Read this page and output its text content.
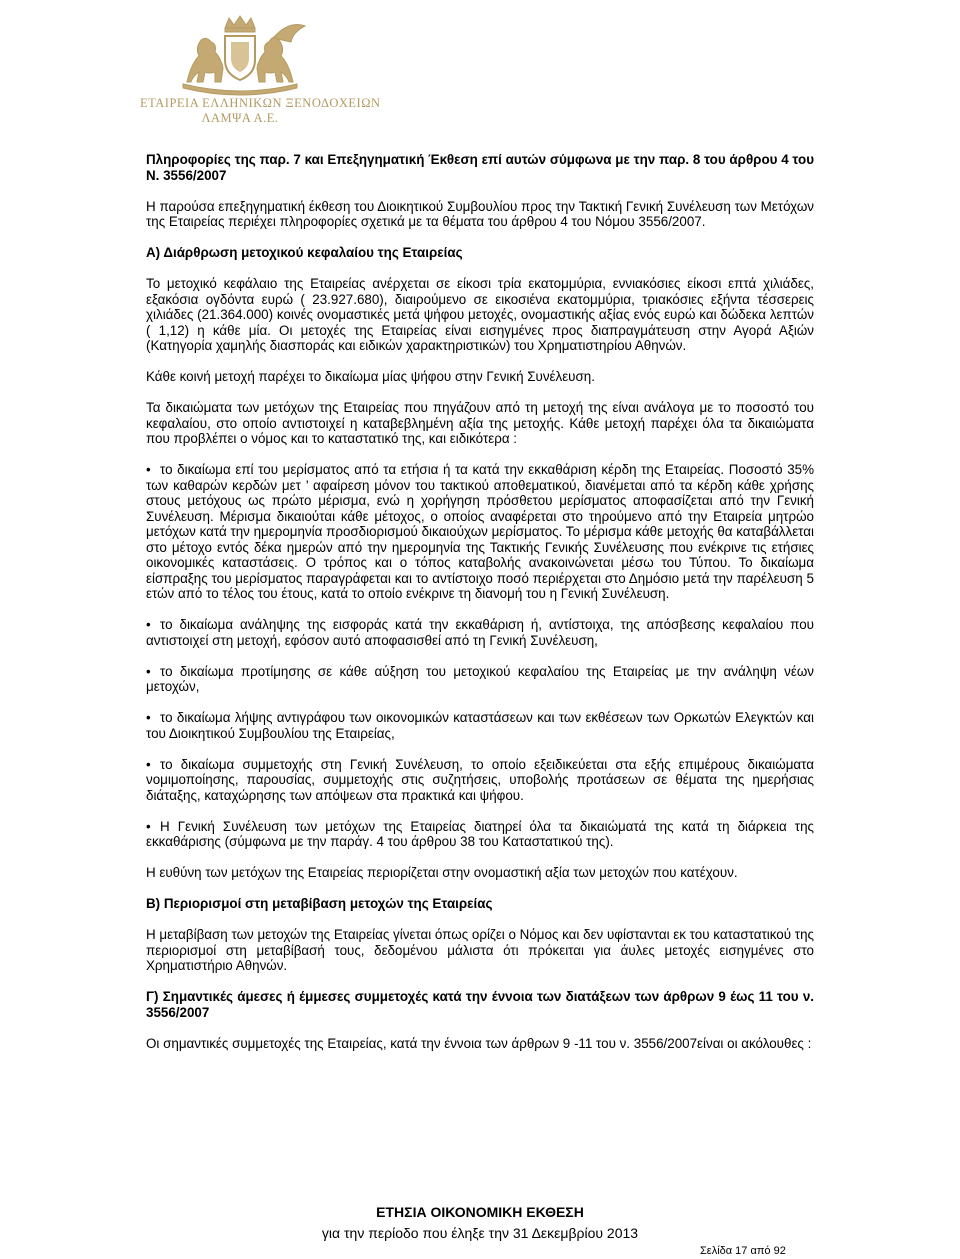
ΕΤΑΙΡΕΙΑ ΕΛΛΗΝΙΚΩΝ ΞΕΝΟΔΟΧΕΙΩΝ
ΛΑΜΨΑ Α.Ε.

Πληροφορίες της παρ. 7 και Επεξηγηματική Έκθεση επί αυτών σύμφωνα με την παρ. 8 του άρθρου 4 του Ν. 3556/2007

Η παρούσα επεξηγηματική έκθεση του Διοικητικού Συμβουλίου προς την Τακτική Γενική Συνέλευση των Μετόχων της Εταιρείας περιέχει πληροφορίες σχετικά με τα θέματα του άρθρου 4 του Νόμου 3556/2007.

Α) Διάρθρωση μετοχικού κεφαλαίου της Εταιρείας

Το μετοχικό κεφάλαιο της Εταιρείας ανέρχεται σε είκοσι τρία εκατομμύρια, εννιακόσιες είκοσι επτά χιλιάδες, εξακόσια ογδόντα ευρώ ( 23.927.680), διαιρούμενο σε εικοσιένα εκατομμύρια, τριακόσιες εξήντα τέσσερεις χιλιάδες (21.364.000) κοινές ονομαστικές μετά ψήφου μετοχές, ονομαστικής αξίας ενός ευρώ και δώδεκα λεπτών ( 1,12) η κάθε μία. Οι μετοχές της Εταιρείας είναι εισηγμένες προς διαπραγμάτευση στην Αγορά Αξιών (Κατηγορία χαμηλής διασποράς και ειδικών χαρακτηριστικών) του Χρηματιστηρίου Αθηνών.

Κάθε κοινή μετοχή παρέχει το δικαίωμα μίας ψήφου στην Γενική Συνέλευση.

Τα δικαιώματα των μετόχων της Εταιρείας που πηγάζουν από τη μετοχή της είναι ανάλογα με το ποσοστό του κεφαλαίου, στο οποίο αντιστοιχεί η καταβεβλημένη αξία της μετοχής. Κάθε μετοχή παρέχει όλα τα δικαιώματα που προβλέπει ο νόμος και το καταστατικό της, και ειδικότερα :

• το δικαίωμα επί του μερίσματος από τα ετήσια ή τα κατά την εκκαθάριση κέρδη της Εταιρείας. Ποσοστό 35% των καθαρών κερδών μετ ’ αφαίρεση μόνον του τακτικού αποθεματικού, διανέμεται από τα κέρδη κάθε χρήσης στους μετόχους ως πρώτο μέρισμα, ενώ η χορήγηση πρόσθετου μερίσματος αποφασίζεται από την Γενική Συνέλευση. Μέρισμα δικαιούται κάθε μέτοχος, ο οποίος αναφέρεται στο τηρούμενο από την Εταιρεία μητρώο μετόχων κατά την ημερομηνία προσδιορισμού δικαιούχων μερίσματος. Το μέρισμα κάθε μετοχής θα καταβάλλεται στο μέτοχο εντός δέκα ημερών από την ημερομηνία της Τακτικής Γενικής Συνέλευσης που ενέκρινε τις ετήσιες οικονομικές καταστάσεις. Ο τρόπος και ο τόπος καταβολής ανακοινώνεται μέσω του Τύπου. Το δικαίωμα είσπραξης του μερίσματος παραγράφεται και το αντίστοιχο ποσό περιέρχεται στο Δημόσιο μετά την παρέλευση 5 ετών από το τέλος του έτους, κατά το οποίο ενέκρινε τη διανομή του η Γενική Συνέλευση.

• το δικαίωμα ανάληψης της εισφοράς κατά την εκκαθάριση ή, αντίστοιχα, της απόσβεσης κεφαλαίου που αντιστοιχεί στη μετοχή, εφόσον αυτό αποφασισθεί από τη Γενική Συνέλευση,

• το δικαίωμα προτίμησης σε κάθε αύξηση του μετοχικού κεφαλαίου της Εταιρείας με την ανάληψη νέων μετοχών,

• το δικαίωμα λήψης αντιγράφου των οικονομικών καταστάσεων και των εκθέσεων των Ορκωτών Ελεγκτών και του Διοικητικού Συμβουλίου της Εταιρείας,

• το δικαίωμα συμμετοχής στη Γενική Συνέλευση, το οποίο εξειδικεύεται στα εξής επιμέρους δικαιώματα νομιμοποίησης, παρουσίας, συμμετοχής στις συζητήσεις, υποβολής προτάσεων σε θέματα της ημερήσιας διάταξης, καταχώρησης των απόψεων στα πρακτικά και ψήφου.

• Η Γενική Συνέλευση των μετόχων της Εταιρείας διατηρεί όλα τα δικαιώματά της κατά τη διάρκεια της εκκαθάρισης (σύμφωνα με την παράγ. 4 του άρθρου 38 του Καταστατικού της).

Η ευθύνη των μετόχων της Εταιρείας περιορίζεται στην ονομαστική αξία των μετοχών που κατέχουν.

Β) Περιορισμοί στη μεταβίβαση μετοχών της Εταιρείας

Η μεταβίβαση των μετοχών της Εταιρείας γίνεται όπως ορίζει ο Νόμος και δεν υφίστανται εκ του καταστατικού της περιορισμοί στη μεταβίβασή τους, δεδομένου μάλιστα ότι πρόκειται για άυλες μετοχές εισηγμένες στο Χρηματιστήριο Αθηνών.

Γ) Σημαντικές άμεσες ή έμμεσες συμμετοχές κατά την έννοια των διατάξεων των άρθρων 9 έως 11 του ν. 3556/2007

Οι σημαντικές συμμετοχές της Εταιρείας, κατά την έννοια των άρθρων 9 -11 του ν. 3556/2007είναι οι ακόλουθες :

ΕΤΗΣΙΑ ΟΙΚΟΝΟΜΙΚΗ ΕΚΘΕΣΗ
για την περίοδο που έληξε την 31 Δεκεμβρίου 2013
Σελίδα 17 από 92
